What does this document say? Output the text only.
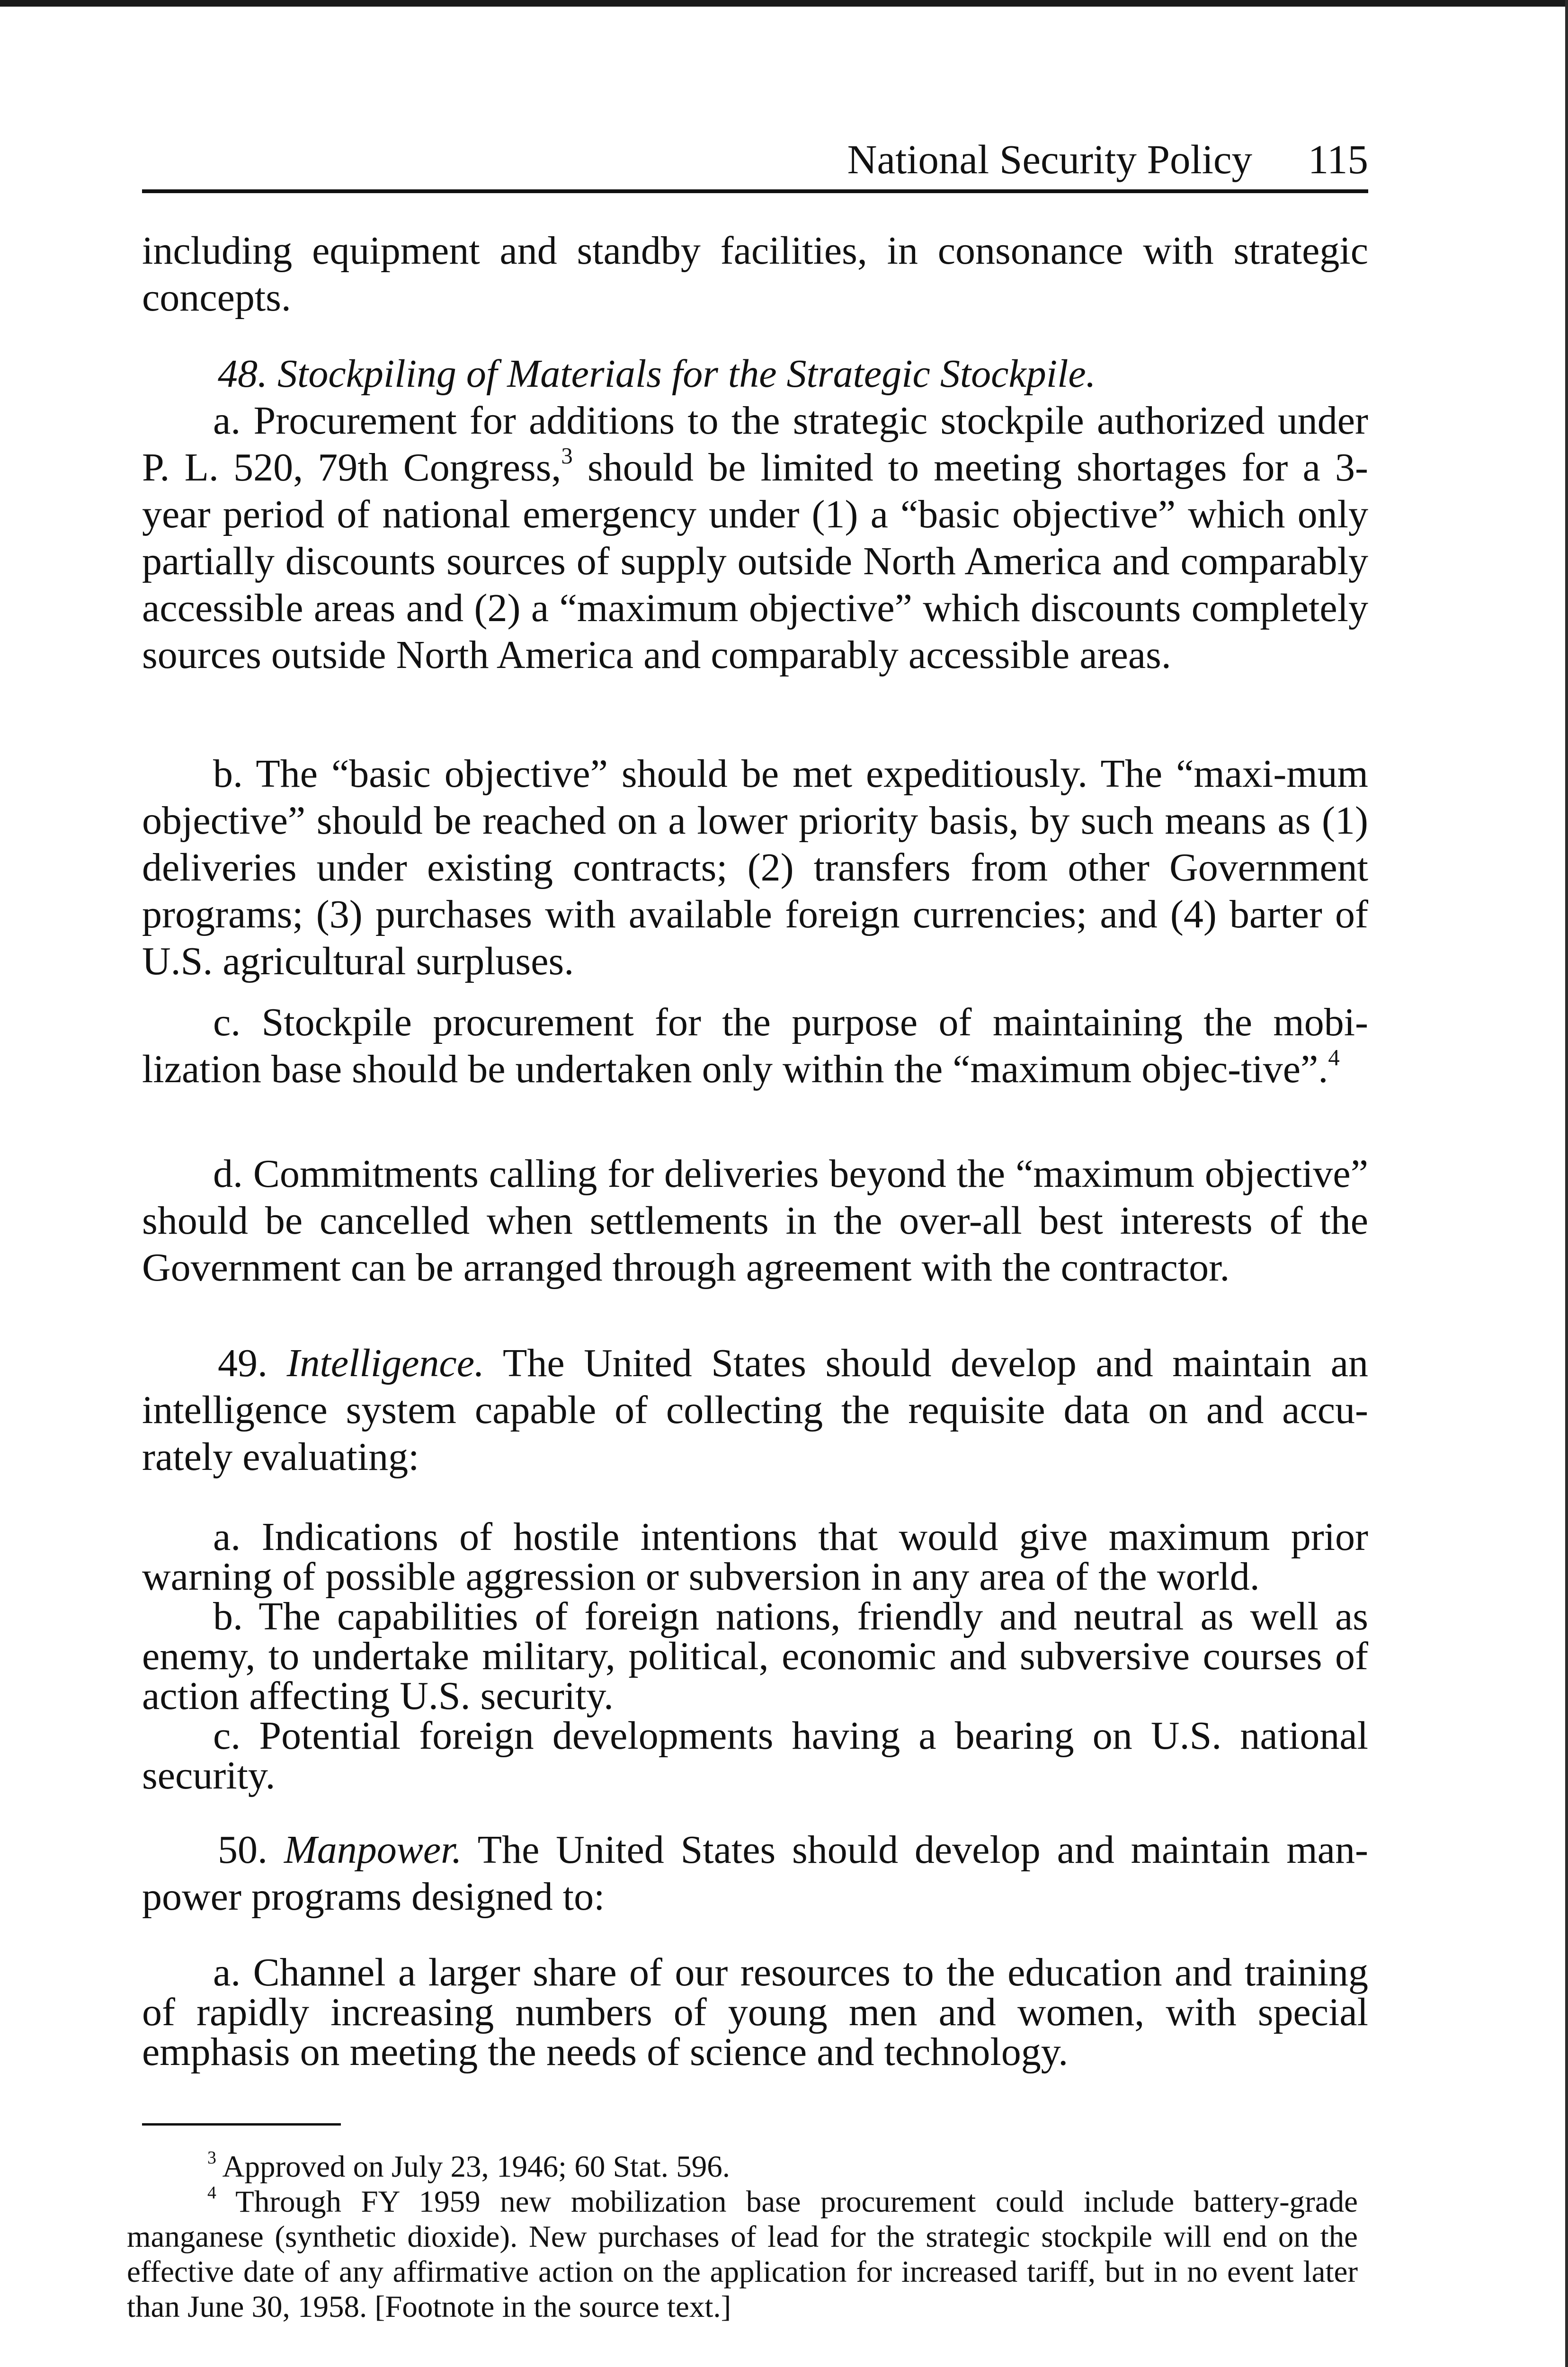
National Security Policy 115

including equipment and standby facilities, in consonance with strategic concepts.

48. Stockpiling of Materials for the Strategic Stockpile.

a. Procurement for additions to the strategic stockpile authorized under P. L. 520, 79th Congress,$^3$ should be limited to meeting shortages for a 3-year period of national emergency under (1) a “basic objective” which only partially discounts sources of supply outside North America and comparably accessible areas and (2) a “maximum objective” which discounts completely sources outside North America and comparably accessible areas.

b. The “basic objective” should be met expeditiously. The “maxi-mum objective” should be reached on a lower priority basis, by such means as (1) deliveries under existing contracts; (2) transfers from other Government programs; (3) purchases with available foreign currencies; and (4) barter of U.S. agricultural surpluses.

c. Stockpile procurement for the purpose of maintaining the mobi-lization base should be undertaken only within the “maximum objec-tive”.$^4$

d. Commitments calling for deliveries beyond the “maximum objective” should be cancelled when settlements in the over-all best interests of the Government can be arranged through agreement with the contractor.

49. Intelligence. The United States should develop and maintain an intelligence system capable of collecting the requisite data on and accu-rately evaluating:

a. Indications of hostile intentions that would give maximum prior warning of possible aggression or subversion in any area of the world.

b. The capabilities of foreign nations, friendly and neutral as well as enemy, to undertake military, political, economic and subversive courses of action affecting U.S. security.

c. Potential foreign developments having a bearing on U.S. national security.

50. Manpower. The United States should develop and maintain man-power programs designed to:

a. Channel a larger share of our resources to the education and training of rapidly increasing numbers of young men and women, with special emphasis on meeting the needs of science and technology.

$^3$ Approved on July 23, 1946; 60 Stat. 596.

$^4$ Through FY 1959 new mobilization base procurement could include battery-grade manganese (synthetic dioxide). New purchases of lead for the strategic stockpile will end on the effective date of any affirmative action on the application for increased tariff, but in no event later than June 30, 1958. [Footnote in the source text.]
